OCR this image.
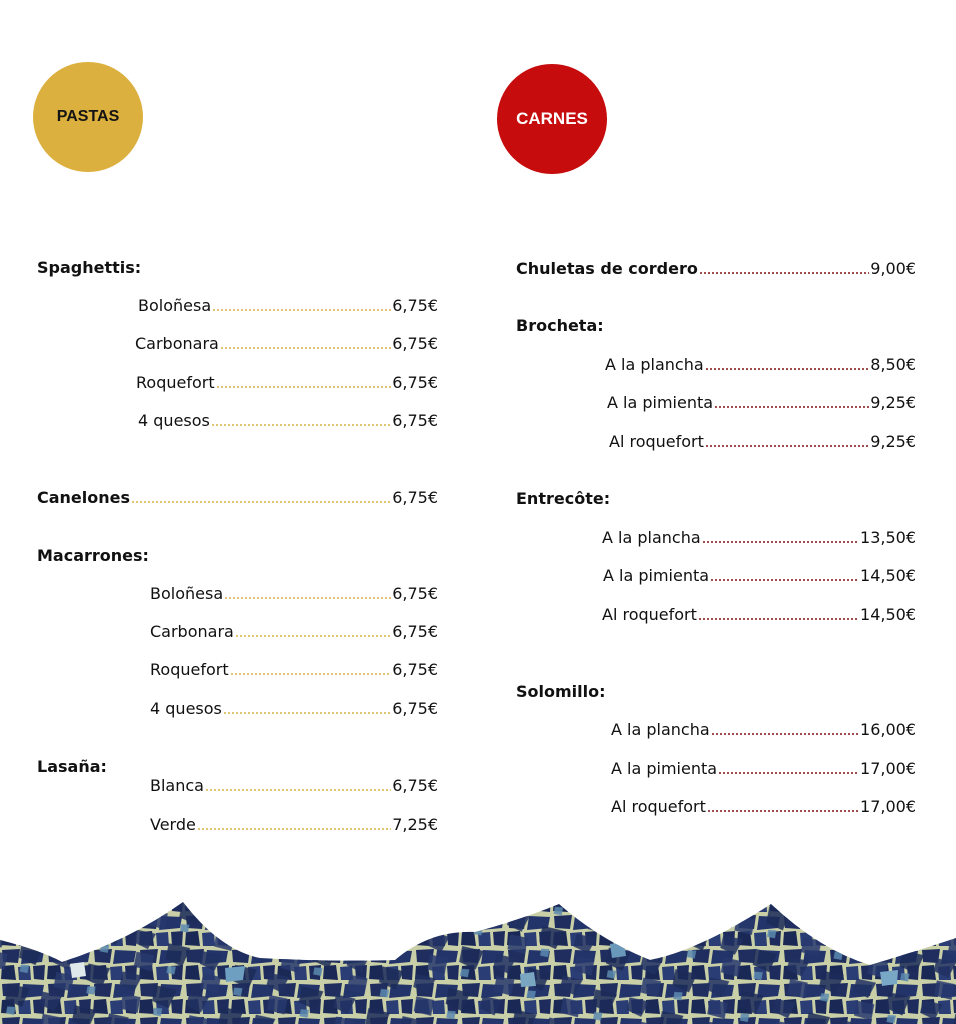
PASTAS	CARNES
Spaghettis:
Boloñesa	6,75€
Carbonara	6,75€
Roquefort	6,75€
4 quesos	6,75€
Canelones	6,75€
Macarrones:
Boloñesa	6,75€
Carbonara	6,75€
Roquefort	6,75€
4 quesos	6,75€
Lasaña:
Blanca	6,75€
Verde	7,25€
Chuletas de cordero	9,00€
Brocheta:
A la plancha	8,50€
A la pimienta	9,25€
Al roquefort	9,25€
Entrecôte:
A la plancha	13,50€
A la pimienta	14,50€
Al roquefort	14,50€
Solomillo:
A la plancha	16,00€
A la pimienta	17,00€
Al roquefort	17,00€
